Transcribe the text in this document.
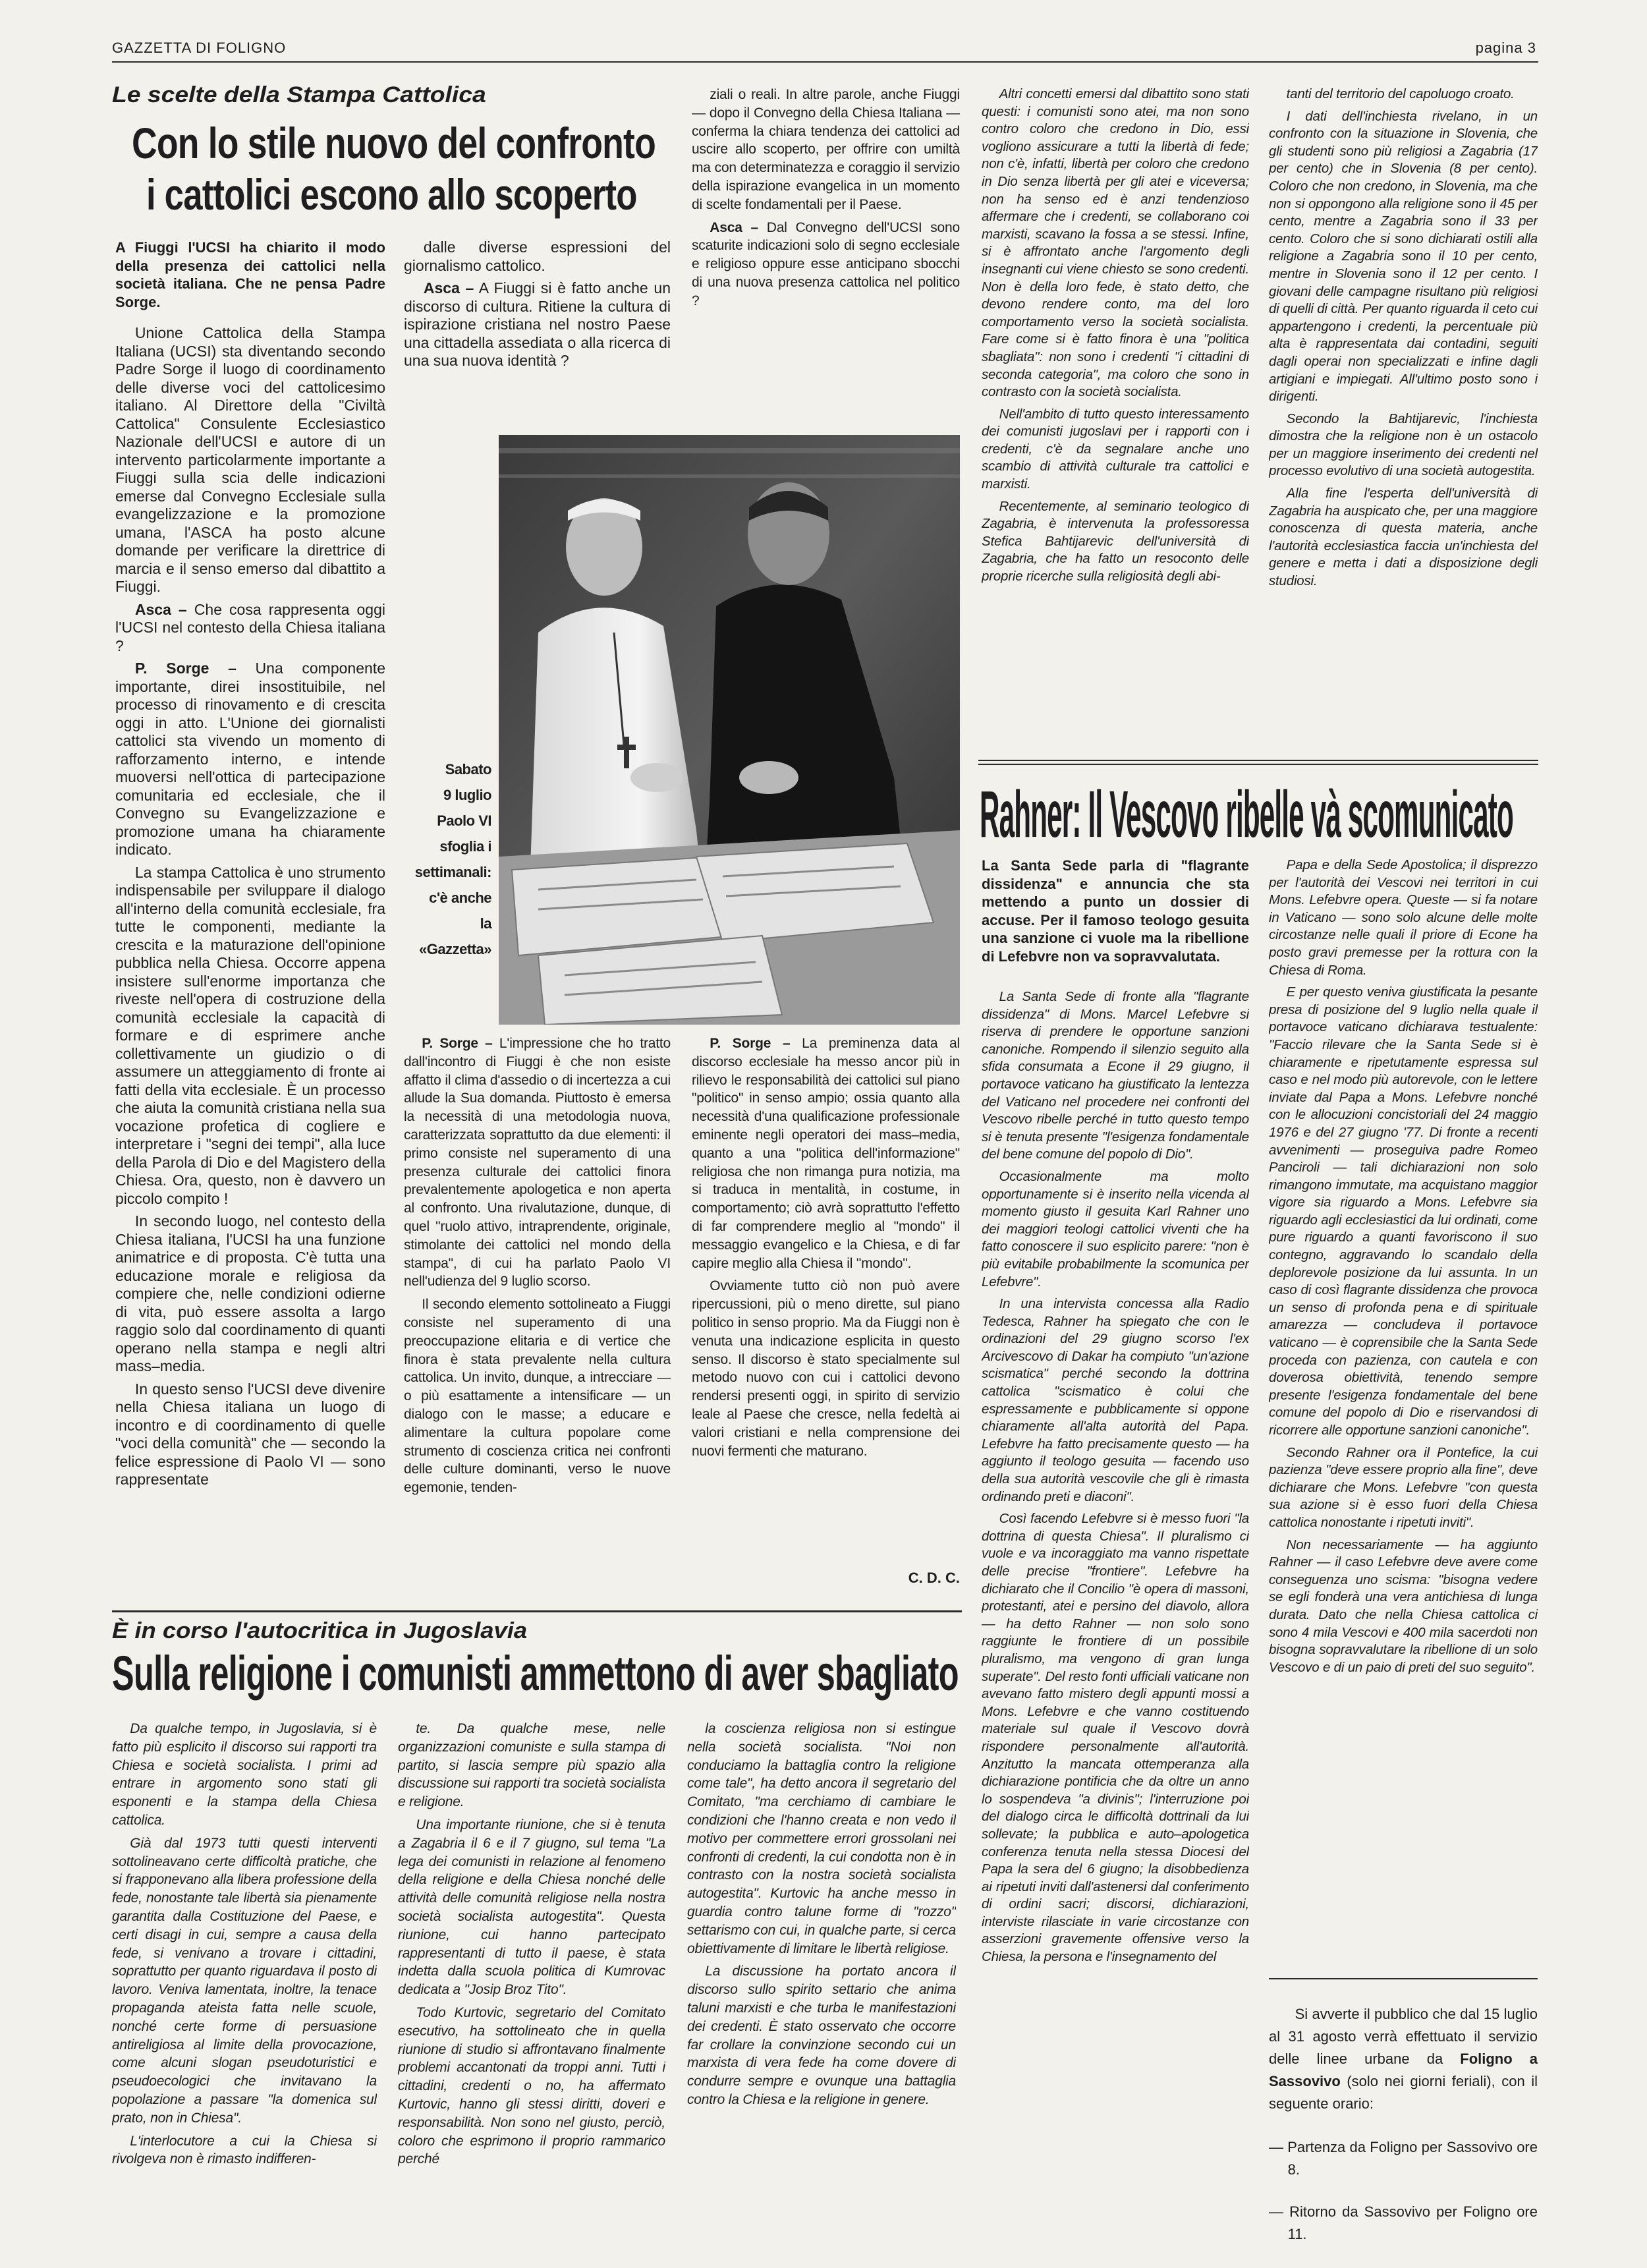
GAZZETTA DI FOLIGNO	pagina 3
Le scelte della Stampa Cattolica
Con lo stile nuovo del confronto
i cattolici escono allo scoperto
A Fiuggi l'UCSI ha chiarito il modo della presenza dei cattolici nella società italiana. Che ne pensa Padre Sorge.

Unione Cattolica della Stampa Italiana (UCSI) sta diventando secondo Padre Sorge il luogo di coordinamento delle diverse voci del cattolicesimo italiano. Al Direttore della "Civiltà Cattolica" Consulente Ecclesiastico Nazionale dell'UCSI e autore di un intervento particolarmente importante a Fiuggi sulla scia delle indicazioni emerse dal Convegno Ecclesiale sulla evangelizzazione e la promozione umana, l'ASCA ha posto alcune domande per verificare la direttrice di marcia e il senso emerso dal dibattito a Fiuggi.

Asca – Che cosa rappresenta oggi l'UCSI nel contesto della Chiesa italiana ?

P. Sorge – Una componente importante, direi insostituibile, nel processo di rinovamento e di crescita oggi in atto. L'Unione dei giornalisti cattolici sta vivendo un momento di rafforzamento interno, e intende muoversi nell'ottica di partecipazione comunitaria ed ecclesiale, che il Convegno su Evangelizzazione e promozione umana ha chiaramente indicato.

La stampa Cattolica è uno strumento indispensabile per sviluppare il dialogo all'interno della comunità ecclesiale, fra tutte le componenti, mediante la crescita e la maturazione dell'opinione pubblica nella Chiesa. Occorre appena insistere sull'enorme importanza che riveste nell'opera di costruzione della comunità ecclesiale la capacità di formare e di esprimere anche collettivamente un giudizio o di assumere un atteggiamento di fronte ai fatti della vita ecclesiale. È un processo che aiuta la comunità cristiana nella sua vocazione profetica di cogliere e interpretare i "segni dei tempi", alla luce della Parola di Dio e del Magistero della Chiesa. Ora, questo, non è davvero un piccolo compito !

In secondo luogo, nel contesto della Chiesa italiana, l'UCSI ha una funzione animatrice e di proposta. C'è tutta una educazione morale e religiosa da compiere che, nelle condizioni odierne di vita, può essere assolta a largo raggio solo dal coordinamento di quanti operano nella stampa e negli altri mass–media.

In questo senso l'UCSI deve divenire nella Chiesa italiana un luogo di incontro e di coordinamento di quelle "voci della comunità" che — secondo la felice espressione di Paolo VI — sono rappresentate

dalle diverse espressioni del giornalismo cattolico.

Asca – A Fiuggi si è fatto anche un discorso di cultura. Ritiene la cultura di ispirazione cristiana nel nostro Paese una cittadella assediata o alla ricerca di una sua nuova identità ?

P. Sorge – L'impressione che ho tratto dall'incontro di Fiuggi è che non esiste affatto il clima d'assedio o di incertezza a cui allude la Sua domanda. Piuttosto è emersa la necessità di una metodologia nuova, caratterizzata soprattutto da due elementi: il primo consiste nel superamento di una presenza culturale dei cattolici finora prevalentemente apologetica e non aperta al confronto. Una rivalutazione, dunque, di quel "ruolo attivo, intraprendente, originale, stimolante dei cattolici nel mondo della stampa", di cui ha parlato Paolo VI nell'udienza del 9 luglio scorso.

Il secondo elemento sottolineato a Fiuggi consiste nel superamento di una preoccupazione elitaria e di vertice che finora è stata prevalente nella cultura cattolica. Un invito, dunque, a intrecciare — o più esattamente a intensificare — un dialogo con le masse; a educare e alimentare la cultura popolare come strumento di coscienza critica nei confronti delle culture dominanti, verso le nuove egemonie, tenden-

ziali o reali. In altre parole, anche Fiuggi — dopo il Convegno della Chiesa Italiana — conferma la chiara tendenza dei cattolici ad uscire allo scoperto, per offrire con umiltà ma con determinatezza e coraggio il servizio della ispirazione evangelica in un momento di scelte fondamentali per il Paese.

Asca – Dal Convegno dell'UCSI sono scaturite indicazioni solo di segno ecclesiale e religioso oppure esse anticipano sbocchi di una nuova presenza cattolica nel politico ?

P. Sorge – La preminenza data al discorso ecclesiale ha messo ancor più in rilievo le responsabilità dei cattolici sul piano "politico" in senso ampio; ossia quanto alla necessità d'una qualificazione professionale eminente negli operatori dei mass–media, quanto a una "politica dell'informazione" religiosa che non rimanga pura notizia, ma si traduca in mentalità, in costume, in comportamento; ciò avrà soprattutto l'effetto di far comprendere meglio al "mondo" il messaggio evangelico e la Chiesa, e di far capire meglio alla Chiesa il "mondo".

Ovviamente tutto ciò non può avere ripercussioni, più o meno dirette, sul piano politico in senso proprio. Ma da Fiuggi non è venuta una indicazione esplicita in questo senso. Il discorso è stato specialmente sul metodo nuovo con cui i cattolici devono rendersi presenti oggi, in spirito di servizio leale al Paese che cresce, nella fedeltà ai valori cristiani e nella comprensione dei nuovi fermenti che maturano.

C. D. C.
Sabato
9 luglio
Paolo VI
sfoglia i
settimanali:
c'è anche
la
«Gazzetta»

Altri concetti emersi dal dibattito sono stati questi: i comunisti sono atei, ma non sono contro coloro che credono in Dio, essi vogliono assicurare a tutti la libertà di fede; non c'è, infatti, libertà per coloro che credono in Dio senza libertà per gli atei e viceversa; non ha senso ed è anzi tendenzioso affermare che i credenti, se collaborano coi marxisti, scavano la fossa a se stessi. Infine, si è affrontato anche l'argomento degli insegnanti cui viene chiesto se sono credenti. Non è della loro fede, è stato detto, che devono rendere conto, ma del loro comportamento verso la società socialista. Fare come si è fatto finora è una "politica sbagliata": non sono i credenti "i cittadini di seconda categoria", ma coloro che sono in contrasto con la società socialista.

Nell'ambito di tutto questo interessamento dei comunisti jugoslavi per i rapporti con i credenti, c'è da segnalare anche uno scambio di attività culturale tra cattolici e marxisti.

Recentemente, al seminario teologico di Zagabria, è intervenuta la professoressa Stefica Bahtijarevic dell'università di Zagabria, che ha fatto un resoconto delle proprie ricerche sulla religiosità degli abi-

tanti del territorio del capoluogo croato.

I dati dell'inchiesta rivelano, in un confronto con la situazione in Slovenia, che gli studenti sono più religiosi a Zagabria (17 per cento) che in Slovenia (8 per cento). Coloro che non credono, in Slovenia, ma che non si oppongono alla religione sono il 45 per cento, mentre a Zagabria sono il 33 per cento. Coloro che si sono dichiarati ostili alla religione a Zagabria sono il 10 per cento, mentre in Slovenia sono il 12 per cento. I giovani delle campagne risultano più religiosi di quelli di città. Per quanto riguarda il ceto cui appartengono i credenti, la percentuale più alta è rappresentata dai contadini, seguiti dagli operai non specializzati e infine dagli artigiani e impiegati. All'ultimo posto sono i dirigenti.

Secondo la Bahtijarevic, l'inchiesta dimostra che la religione non è un ostacolo per un maggiore inserimento dei credenti nel processo evolutivo di una società autogestita.

Alla fine l'esperta dell'università di Zagabria ha auspicato che, per una maggiore conoscenza di questa materia, anche l'autorità ecclesiastica faccia un'inchiesta del genere e metta i dati a disposizione degli studiosi.

Rahner: Il Vescovo ribelle và scomunicato
La Santa Sede parla di "flagrante dissidenza" e annuncia che sta mettendo a punto un dossier di accuse. Per il famoso teologo gesuita una sanzione ci vuole ma la ribellione di Lefebvre non va sopravvalutata.

La Santa Sede di fronte alla "flagrante dissidenza" di Mons. Marcel Lefebvre si riserva di prendere le opportune sanzioni canoniche. Rompendo il silenzio seguito alla sfida consumata a Econe il 29 giugno, il portavoce vaticano ha giustificato la lentezza del Vaticano nel procedere nei confronti del Vescovo ribelle perché in tutto questo tempo si è tenuta presente "l'esigenza fondamentale del bene comune del popolo di Dio".

Occasionalmente ma molto opportunamente si è inserito nella vicenda al momento giusto il gesuita Karl Rahner uno dei maggiori teologi cattolici viventi che ha fatto conoscere il suo esplicito parere: "non è più evitabile probabilmente la scomunica per Lefebvre".

In una intervista concessa alla Radio Tedesca, Rahner ha spiegato che con le ordinazioni del 29 giugno scorso l'ex Arcivescovo di Dakar ha compiuto "un'azione scismatica" perché secondo la dottrina cattolica "scismatico è colui che espressamente e pubblicamente si oppone chiaramente all'alta autorità del Papa. Lefebvre ha fatto precisamente questo — ha aggiunto il teologo gesuita — facendo uso della sua autorità vescovile che gli è rimasta ordinando preti e diaconi".

Così facendo Lefebvre si è messo fuori "la dottrina di questa Chiesa". Il pluralismo ci vuole e va incoraggiato ma vanno rispettate delle precise "frontiere". Lefebvre ha dichiarato che il Concilio "è opera di massoni, protestanti, atei e persino del diavolo, allora — ha detto Rahner — non solo sono raggiunte le frontiere di un possibile pluralismo, ma vengono di gran lunga superate". Del resto fonti ufficiali vaticane non avevano fatto mistero degli appunti mossi a Mons. Lefebvre e che vanno costituendo materiale sul quale il Vescovo dovrà rispondere personalmente all'autorità. Anzitutto la mancata ottemperanza alla dichiarazione pontificia che da oltre un anno lo sospendeva "a divinis"; l'interruzione poi del dialogo circa le difficoltà dottrinali da lui sollevate; la pubblica e auto–apologetica conferenza tenuta nella stessa Diocesi del Papa la sera del 6 giugno; la disobbedienza ai ripetuti inviti dall'astenersi dal conferimento di ordini sacri; discorsi, dichiarazioni, interviste rilasciate in varie circostanze con asserzioni gravemente offensive verso la Chiesa, la persona e l'insegnamento del

Papa e della Sede Apostolica; il disprezzo per l'autorità dei Vescovi nei territori in cui Mons. Lefebvre opera. Queste — si fa notare in Vaticano — sono solo alcune delle molte circostanze nelle quali il priore di Econe ha posto gravi premesse per la rottura con la Chiesa di Roma.

E per questo veniva giustificata la pesante presa di posizione del 9 luglio nella quale il portavoce vaticano dichiarava testualente: "Faccio rilevare che la Santa Sede si è chiaramente e ripetutamente espressa sul caso e nel modo più autorevole, con le lettere inviate dal Papa a Mons. Lefebvre nonché con le allocuzioni concistoriali del 24 maggio 1976 e del 27 giugno '77. Di fronte a recenti avvenimenti — proseguiva padre Romeo Panciroli — tali dichiarazioni non solo rimangono immutate, ma acquistano maggior vigore sia riguardo a Mons. Lefebvre sia riguardo agli ecclesiastici da lui ordinati, come pure riguardo a quanti favoriscono il suo contegno, aggravando lo scandalo della deplorevole posizione da lui assunta. In un caso di così flagrante dissidenza che provoca un senso di profonda pena e di spirituale amarezza — concludeva il portavoce vaticano — è coprensibile che la Santa Sede proceda con pazienza, con cautela e con doverosa obiettività, tenendo sempre presente l'esigenza fondamentale del bene comune del popolo di Dio e riservandosi di ricorrere alle opportune sanzioni canoniche".

Secondo Rahner ora il Pontefice, la cui pazienza "deve essere proprio alla fine", deve dichiarare che Mons. Lefebvre "con questa sua azione si è esso fuori della Chiesa cattolica nonostante i ripetuti inviti".

Non necessariamente — ha aggiunto Rahner — il caso Lefebvre deve avere come conseguenza uno scisma: "bisogna vedere se egli fonderà una vera antichiesa di lunga durata. Dato che nella Chiesa cattolica ci sono 4 mila Vescovi e 400 mila sacerdoti non bisogna sopravvalutare la ribellione di un solo Vescovo e di un paio di preti del suo seguito".

Si avverte il pubblico che dal 15 luglio al 31 agosto verrà effettuato il servizio delle linee urbane da Foligno a Sassovivo (solo nei giorni feriali), con il seguente orario:

— Partenza da Foligno per Sassovivo ore 8.

— Ritorno da Sassovivo per Foligno ore 11.

È in corso l'autocritica in Jugoslavia
Sulla religione i comunisti ammettono di aver sbagliato

Da qualche tempo, in Jugoslavia, si è fatto più esplicito il discorso sui rapporti tra Chiesa e società socialista. I primi ad entrare in argomento sono stati gli esponenti e la stampa della Chiesa cattolica.

Già dal 1973 tutti questi interventi sottolineavano certe difficoltà pratiche, che si frapponevano alla libera professione della fede, nonostante tale libertà sia pienamente garantita dalla Costituzione del Paese, e certi disagi in cui, sempre a causa della fede, si venivano a trovare i cittadini, soprattutto per quanto riguardava il posto di lavoro. Veniva lamentata, inoltre, la tenace propaganda ateista fatta nelle scuole, nonché certe forme di persuasione antireligiosa al limite della provocazione, come alcuni slogan pseudoturistici e pseudoecologici che invitavano la popolazione a passare "la domenica sul prato, non in Chiesa".

L'interlocutore a cui la Chiesa si rivolgeva non è rimasto indifferen-

te. Da qualche mese, nelle organizzazioni comuniste e sulla stampa di partito, si lascia sempre più spazio alla discussione sui rapporti tra società socialista e religione.

Una importante riunione, che si è tenuta a Zagabria il 6 e il 7 giugno, sul tema "La lega dei comunisti in relazione al fenomeno della religione e della Chiesa nonché delle attività delle comunità religiose nella nostra società socialista autogestita". Questa riunione, cui hanno partecipato rappresentanti di tutto il paese, è stata indetta dalla scuola politica di Kumrovac dedicata a "Josip Broz Tito".

Todo Kurtovic, segretario del Comitato esecutivo, ha sottolineato che in quella riunione di studio si affrontavano finalmente problemi accantonati da troppi anni. Tutti i cittadini, credenti o no, ha affermato Kurtovic, hanno gli stessi diritti, doveri e responsabilità. Non sono nel giusto, perciò, coloro che esprimono il proprio rammarico perché

la coscienza religiosa non si estingue nella società socialista. "Noi non conduciamo la battaglia contro la religione come tale", ha detto ancora il segretario del Comitato, "ma cerchiamo di cambiare le condizioni che l'hanno creata e non vedo il motivo per commettere errori grossolani nei confronti di credenti, la cui condotta non è in contrasto con la nostra società socialista autogestita". Kurtovic ha anche messo in guardia contro talune forme di "rozzo" settarismo con cui, in qualche parte, si cerca obiettivamente di limitare le libertà religiose.

La discussione ha portato ancora il discorso sullo spirito settario che anima taluni marxisti e che turba le manifestazioni dei credenti. È stato osservato che occorre far crollare la convinzione secondo cui un marxista di vera fede ha come dovere di condurre sempre e ovunque una battaglia contro la Chiesa e la religione in genere.
